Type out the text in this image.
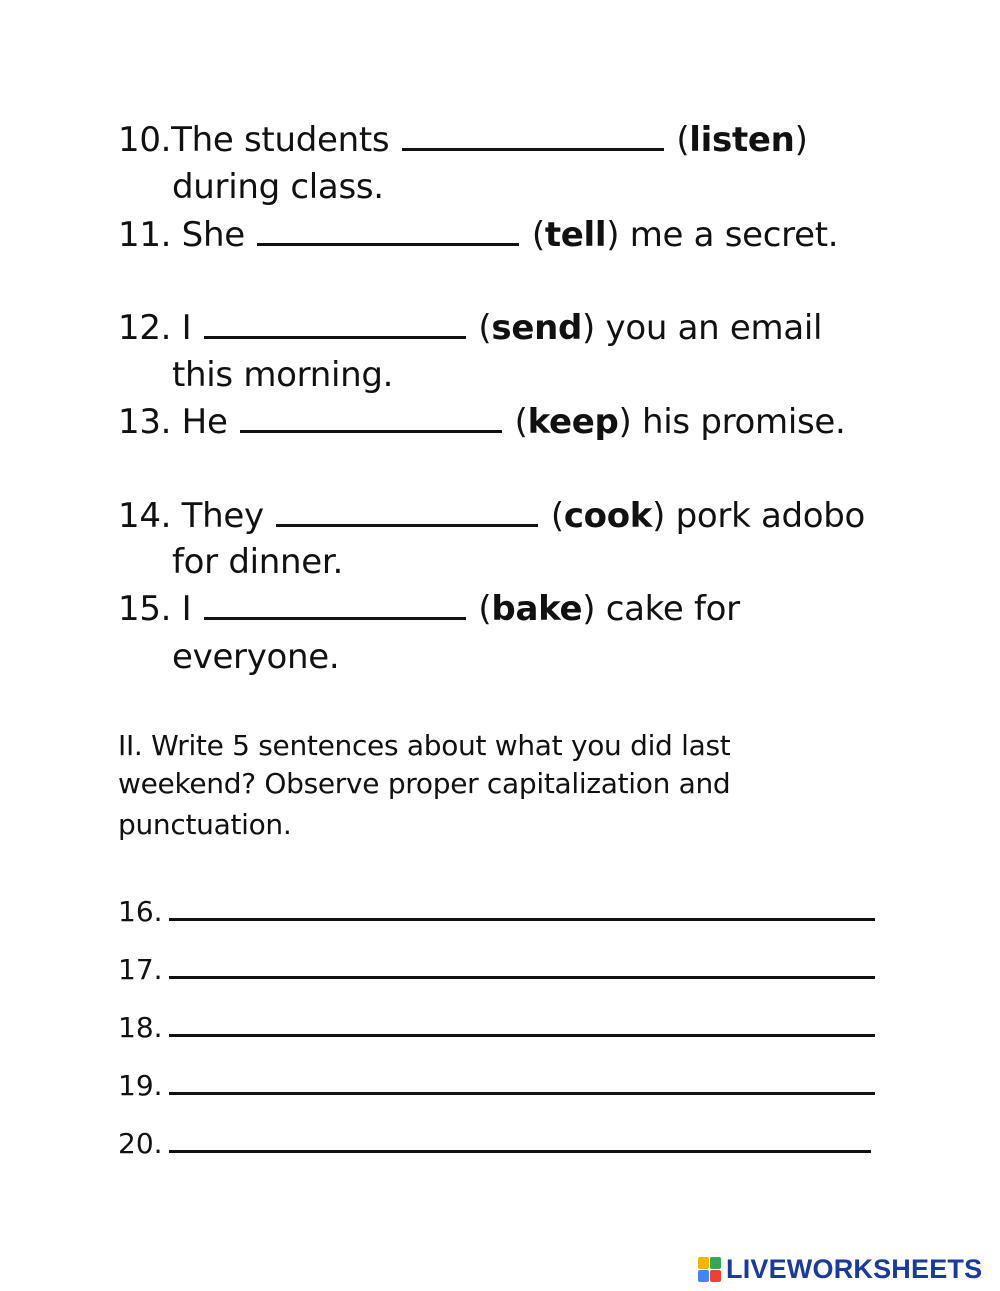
10.The students	(listen)
during class.
11. She	(tell) me a secret.
12. I	(send) you an email
this morning.
13. He	(keep) his promise.
14. They	(cook) pork adobo
for dinner.
15. I	(bake) cake for
everyone.
II. Write 5 sentences about what you did last
weekend? Observe proper capitalization and
punctuation.
16.
17.
18.
19.
20.
LIVEWORKSHEETS
